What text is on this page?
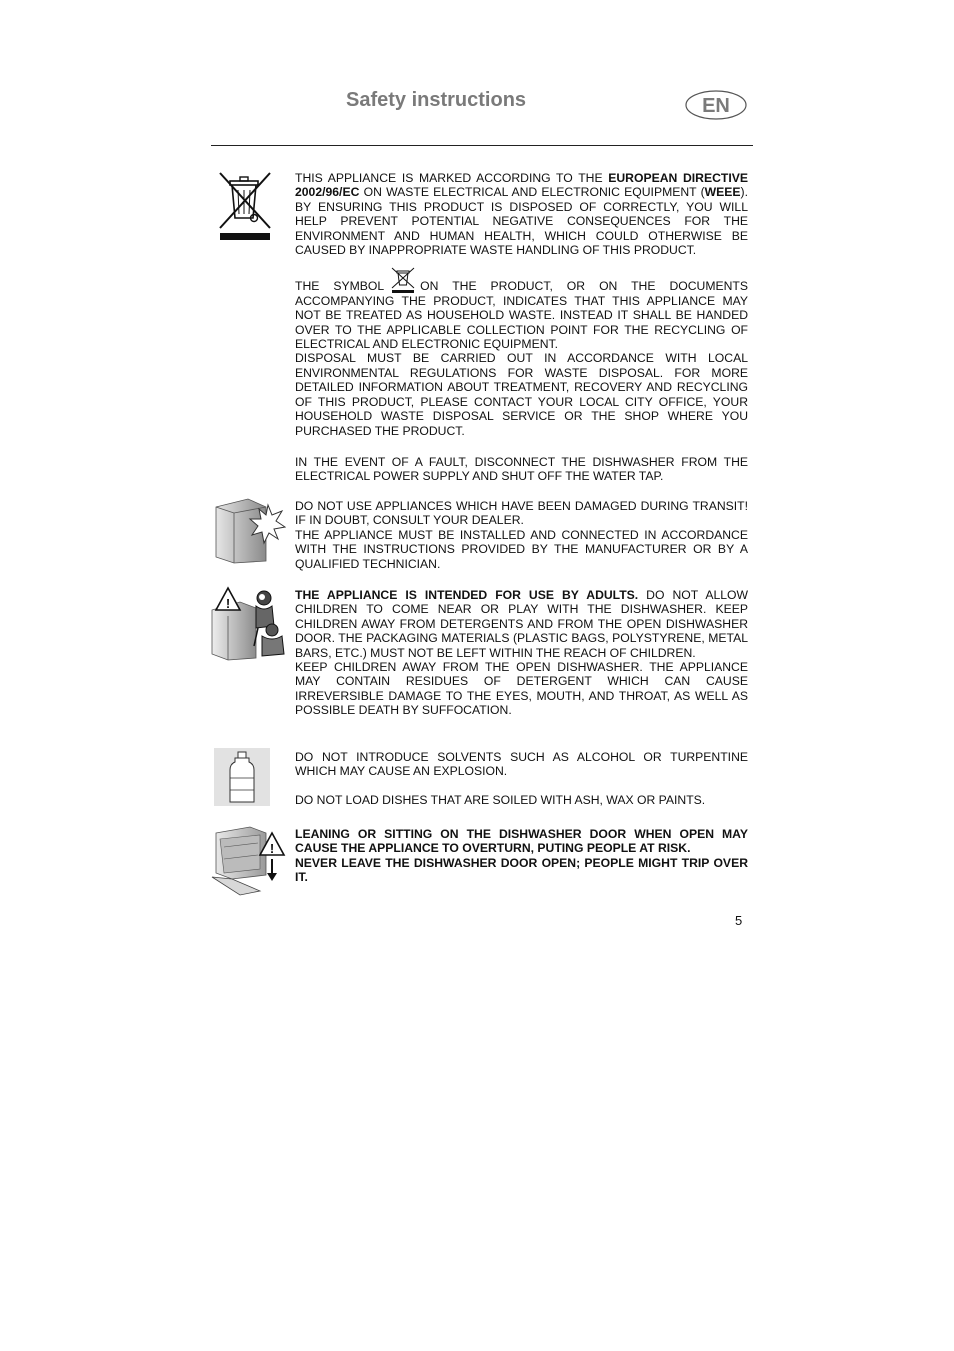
Safety instructions	EN

THIS APPLIANCE IS MARKED ACCORDING TO THE EUROPEAN DIRECTIVE 2002/96/EC ON WASTE ELECTRICAL AND ELECTRONIC EQUIPMENT (WEEE). BY ENSURING THIS PRODUCT IS DISPOSED OF CORRECTLY, YOU WILL HELP PREVENT POTENTIAL NEGATIVE CONSEQUENCES FOR THE ENVIRONMENT AND HUMAN HEALTH, WHICH COULD OTHERWISE BE CAUSED BY INAPPROPRIATE WASTE HANDLING OF THIS PRODUCT.

THE SYMBOL	ON THE PRODUCT, OR ON THE DOCUMENTS ACCOMPANYING THE PRODUCT, INDICATES THAT THIS APPLIANCE MAY NOT BE TREATED AS HOUSEHOLD WASTE. INSTEAD IT SHALL BE HANDED OVER TO THE APPLICABLE COLLECTION POINT FOR THE RECYCLING OF ELECTRICAL AND ELECTRONIC EQUIPMENT.

DISPOSAL MUST BE CARRIED OUT IN ACCORDANCE WITH LOCAL ENVIRONMENTAL REGULATIONS FOR WASTE DISPOSAL. FOR MORE DETAILED INFORMATION ABOUT TREATMENT, RECOVERY AND RECYCLING OF THIS PRODUCT, PLEASE CONTACT YOUR LOCAL CITY OFFICE, YOUR HOUSEHOLD WASTE DISPOSAL SERVICE OR THE SHOP WHERE YOU PURCHASED THE PRODUCT.

IN THE EVENT OF A FAULT, DISCONNECT THE DISHWASHER FROM THE ELECTRICAL POWER SUPPLY AND SHUT OFF THE WATER TAP.

DO NOT USE APPLIANCES WHICH HAVE BEEN DAMAGED DURING TRANSIT! IF IN DOUBT, CONSULT YOUR DEALER.

THE APPLIANCE MUST BE INSTALLED AND CONNECTED IN ACCORDANCE WITH THE INSTRUCTIONS PROVIDED BY THE MANUFACTURER OR BY A QUALIFIED TECHNICIAN.

!

THE APPLIANCE IS INTENDED FOR USE BY ADULTS. DO NOT ALLOW CHILDREN TO COME NEAR OR PLAY WITH THE DISHWASHER. KEEP CHILDREN AWAY FROM DETERGENTS AND FROM THE OPEN DISHWASHER DOOR. THE PACKAGING MATERIALS (PLASTIC BAGS, POLYSTYRENE, METAL BARS, ETC.) MUST NOT BE LEFT WITHIN THE REACH OF CHILDREN.

KEEP CHILDREN AWAY FROM THE OPEN DISHWASHER. THE APPLIANCE MAY CONTAIN RESIDUES OF DETERGENT WHICH CAN CAUSE IRREVERSIBLE DAMAGE TO THE EYES, MOUTH, AND THROAT, AS WELL AS POSSIBLE DEATH BY SUFFOCATION.

DO NOT INTRODUCE SOLVENTS SUCH AS ALCOHOL OR TURPENTINE WHICH MAY CAUSE AN EXPLOSION.

DO NOT LOAD DISHES THAT ARE SOILED WITH ASH, WAX OR PAINTS.

!

LEANING OR SITTING ON THE DISHWASHER DOOR WHEN OPEN MAY CAUSE THE APPLIANCE TO OVERTURN, PUTING PEOPLE AT RISK.

NEVER LEAVE THE DISHWASHER DOOR OPEN; PEOPLE MIGHT TRIP OVER IT.

5
